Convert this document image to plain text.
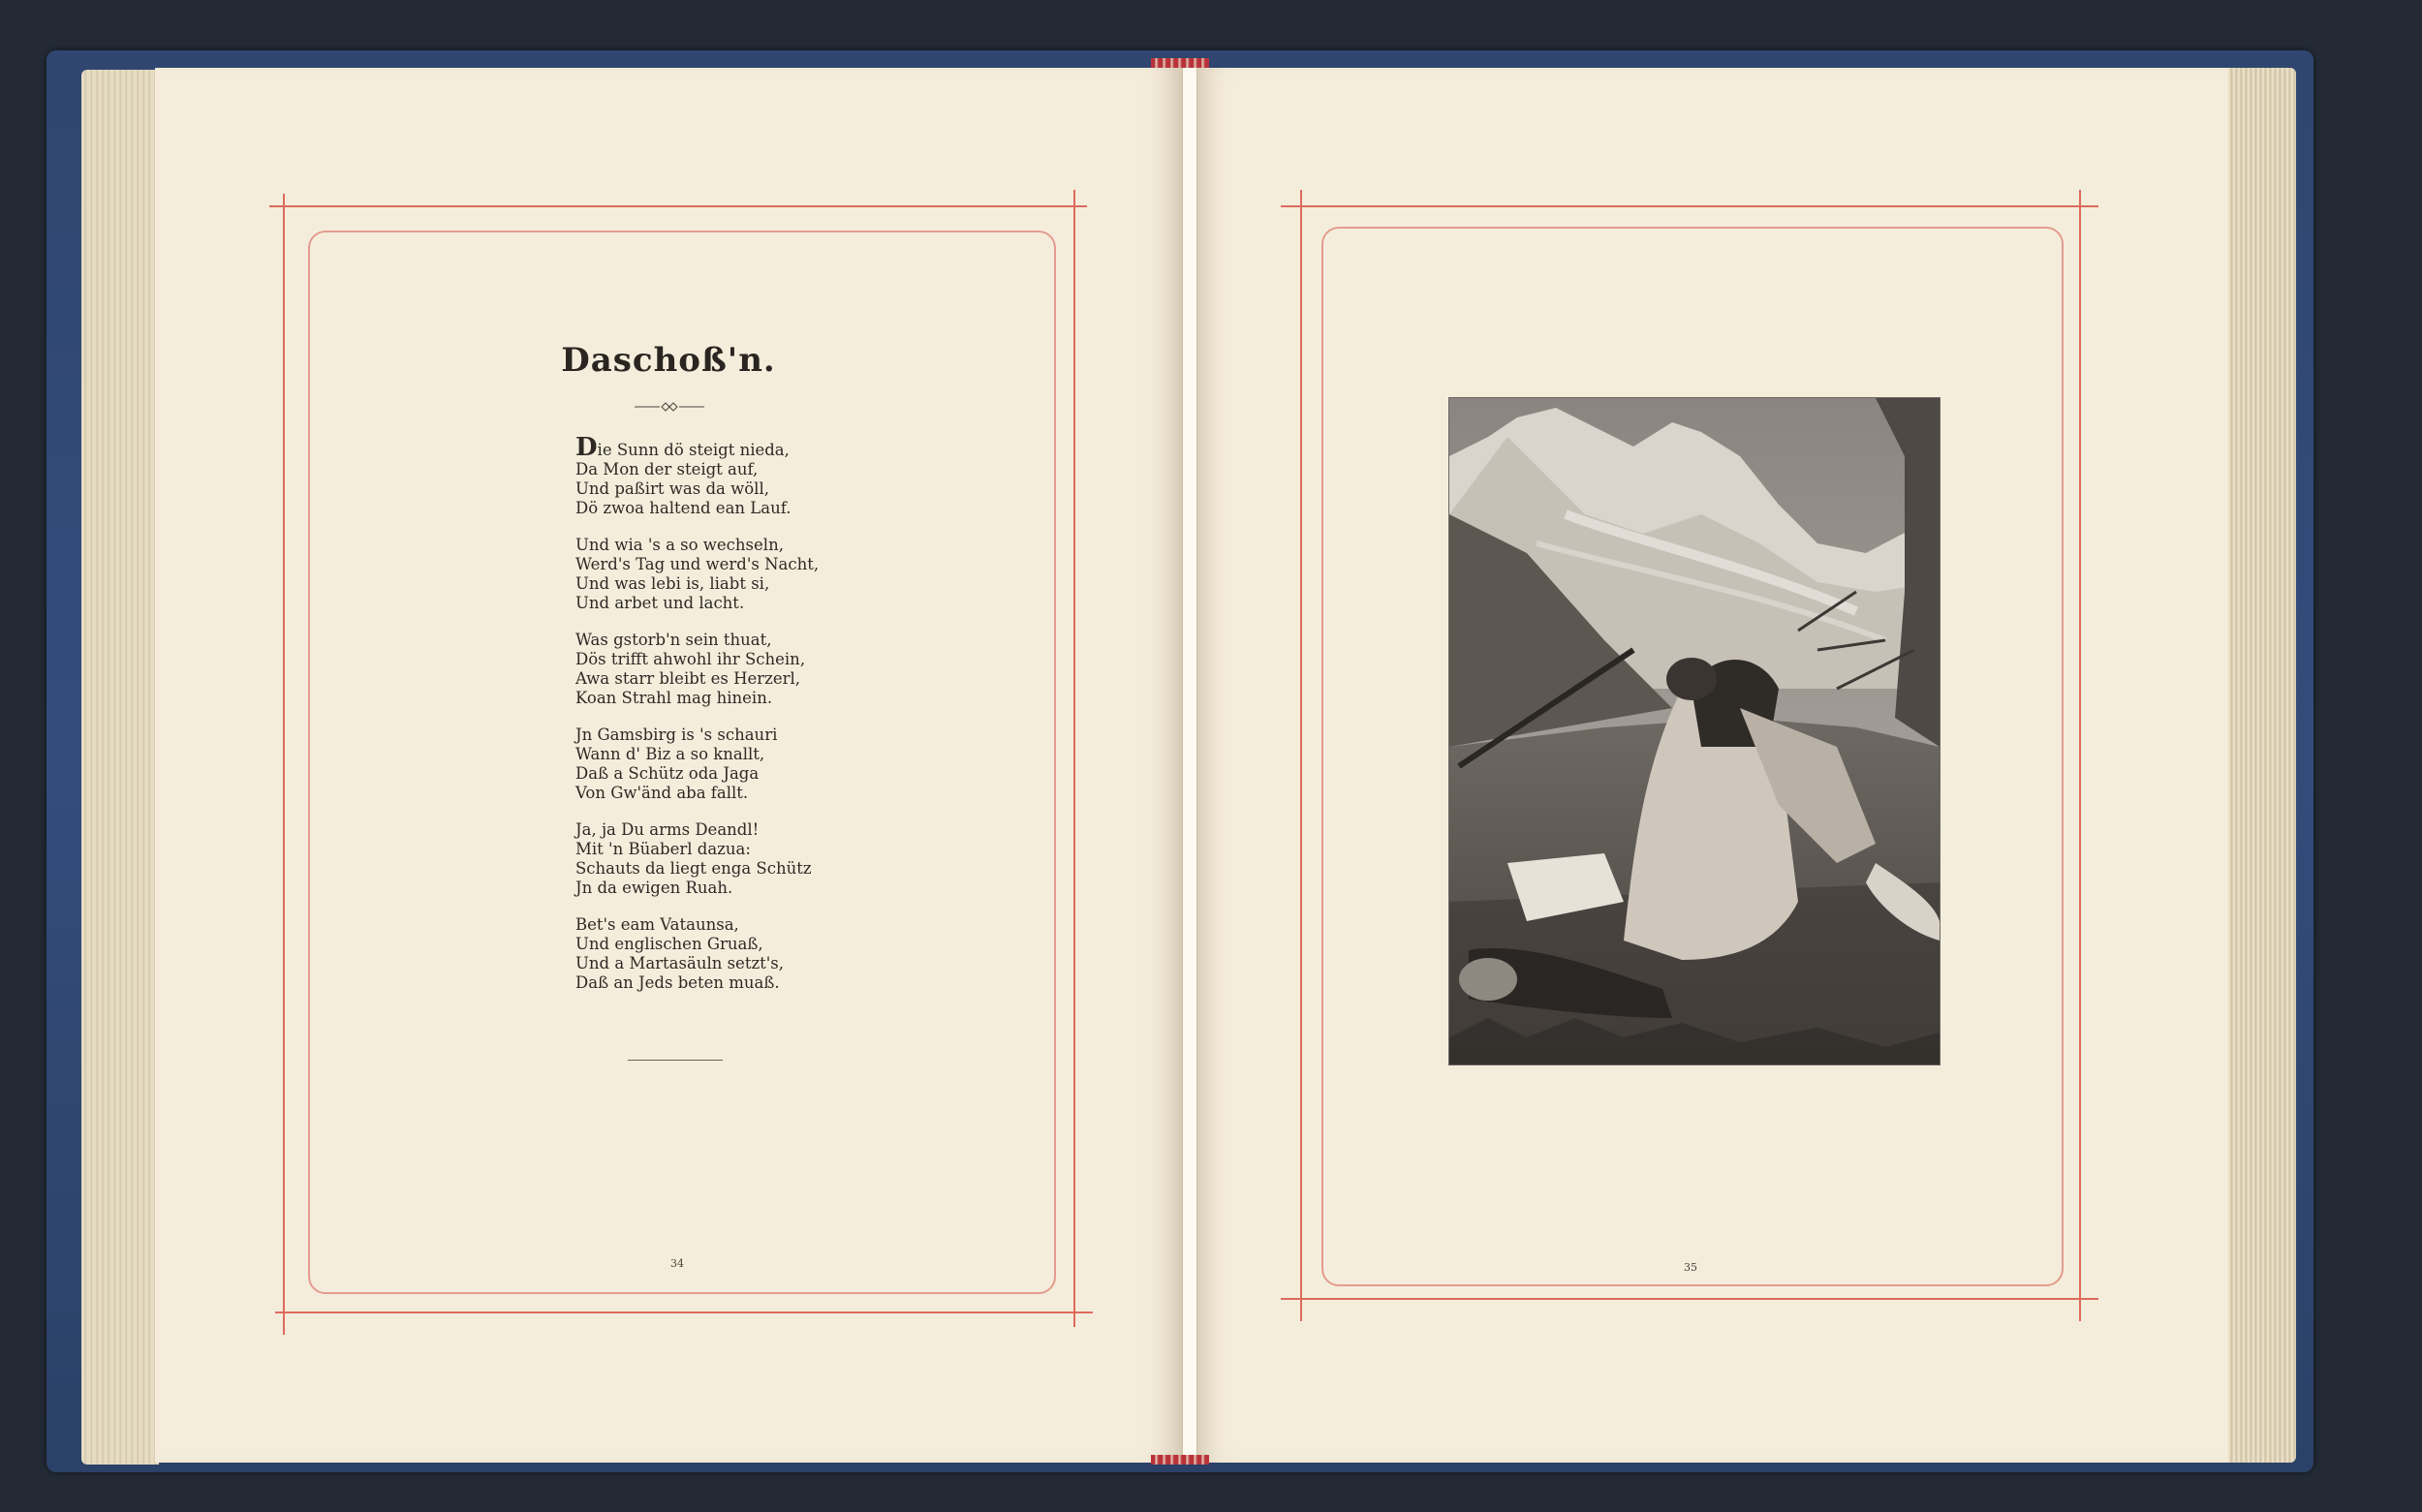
Daschoß'n.
Die Sunn dö steigt nieda,
Da Mon der steigt auf,
Und paßirt was da wöll,
Dö zwoa haltend ean Lauf.
Und wia 's a so wechseln,
Werd's Tag und werd's Nacht,
Und was lebi is, liabt si,
Und arbet und lacht.
Was gstorb'n sein thuat,
Dös trifft ahwohl ihr Schein,
Awa starr bleibt es Herzerl,
Koan Strahl mag hinein.
Jn Gamsbirg is 's schauri
Wann d' Biz a so knallt,
Daß a Schütz oda Jaga
Von Gw'änd aba fallt.
Ja, ja Du arms Deandl!
Mit 'n Büaberl dazua:
Schauts da liegt enga Schütz
Jn da ewigen Ruah.
Bet's eam Vataunsa,
Und englischen Gruaß,
Und a Martasäuln setzt's,
Daß an Jeds beten muaß.
34	35
